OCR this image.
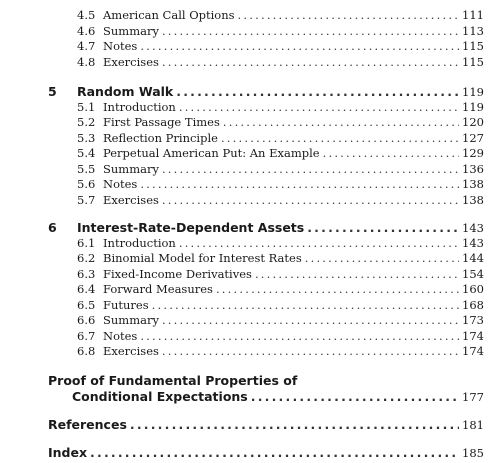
4.5 American Call Options .....	111
4.6 Summary .....	113
4.7 Notes .....	115
4.8 Exercises .....	115
5	Random Walk .....	119
5.1 Introduction .....	119
5.2 First Passage Times .....	120
5.3 Reflection Principle .....	127
5.4 Perpetual American Put: An Example .....	129
5.5 Summary .....	136
5.6 Notes .....	138
5.7 Exercises .....	138
6	Interest-Rate-Dependent Assets .....	143
6.1 Introduction .....	143
6.2 Binomial Model for Interest Rates .....	144
6.3 Fixed-Income Derivatives .....	154
6.4 Forward Measures .....	160
6.5 Futures .....	168
6.6 Summary .....	173
6.7 Notes .....	174
6.8 Exercises .....	174
Proof of Fundamental Properties of
Conditional Expectations .....	177
References .....	181
Index .....	185
